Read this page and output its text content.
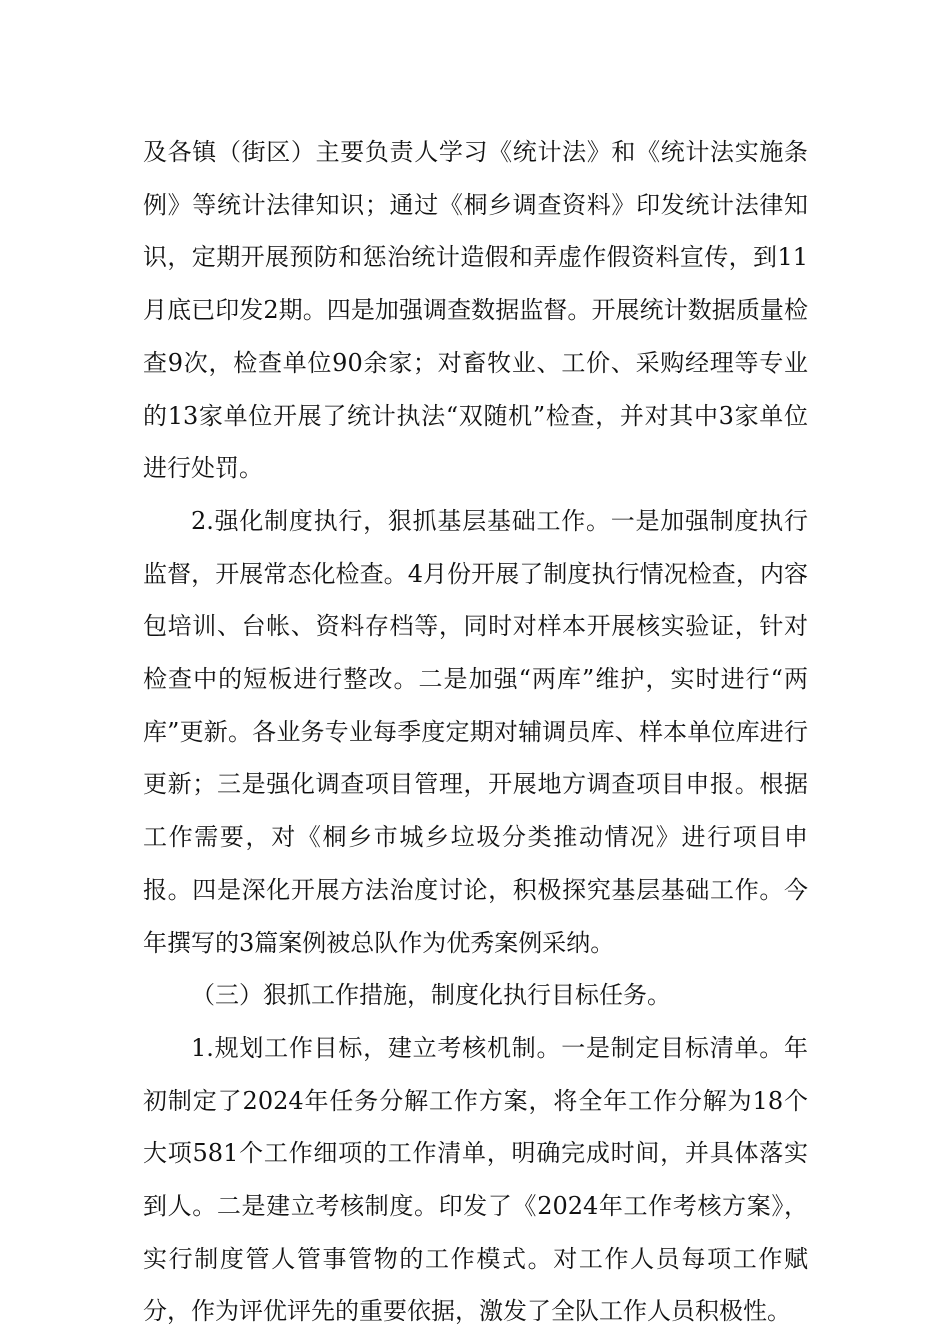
及各镇（街区）主要负责人学习《统计法》和《统计法实施条例》等统计法律知识；通过《桐乡调查资料》印发统计法律知识，定期开展预防和惩治统计造假和弄虚作假资料宣传，到11月底已印发2期。四是加强调查数据监督。开展统计数据质量检查9次，检查单位90余家；对畜牧业、工价、采购经理等专业的13家单位开展了统计执法“双随机”检查，并对其中3家单位进行处罚。

2.强化制度执行，狠抓基层基础工作。一是加强制度执行监督，开展常态化检查。4月份开展了制度执行情况检查，内容包培训、台帐、资料存档等，同时对样本开展核实验证，针对检查中的短板进行整改。二是加强“两库”维护，实时进行“两库”更新。各业务专业每季度定期对辅调员库、样本单位库进行更新；三是强化调查项目管理，开展地方调查项目申报。根据工作需要，对《桐乡市城乡垃圾分类推动情况》进行项目申报。四是深化开展方法治度讨论，积极探究基层基础工作。今年撰写的3篇案例被总队作为优秀案例采纳。

（三）狠抓工作措施，制度化执行目标任务。

1.规划工作目标，建立考核机制。一是制定目标清单。年初制定了2024年任务分解工作方案，将全年工作分解为18个大项581个工作细项的工作清单，明确完成时间，并具体落实到人。二是建立考核制度。印发了《2024年工作考核方案》，实行制度管人管事管物的工作模式。对工作人员每项工作赋分，作为评优评先的重要依据，激发了全队工作人员积极性。
